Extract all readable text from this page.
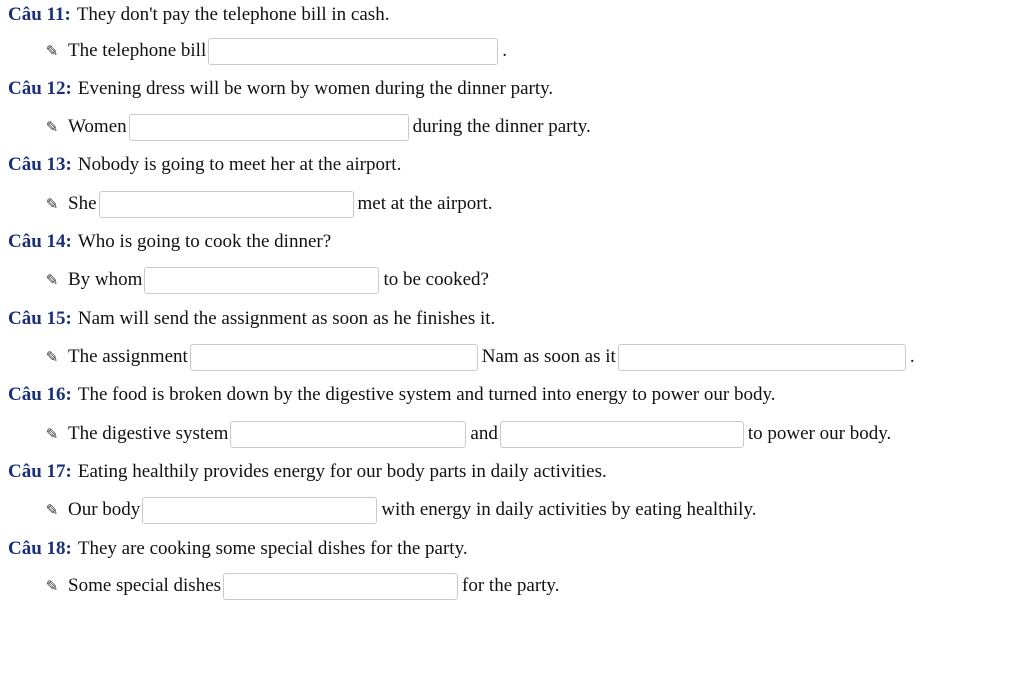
Câu 11: They don't pay the telephone bill in cash.
✎ The telephone bill	.
Câu 12: Evening dress will be worn by women during the dinner party.
✎ Women	during the dinner party.
Câu 13: Nobody is going to meet her at the airport.
✎ She	met at the airport.
Câu 14: Who is going to cook the dinner?
✎ By whom	to be cooked?
Câu 15: Nam will send the assignment as soon as he finishes it.
✎ The assignment	Nam as soon as it	.
Câu 16: The food is broken down by the digestive system and turned into energy to power our body.
✎ The digestive system	and	to power our body.
Câu 17: Eating healthily provides energy for our body parts in daily activities.
✎ Our body	with energy in daily activities by eating healthily.
Câu 18: They are cooking some special dishes for the party.
✎ Some special dishes	for the party.
